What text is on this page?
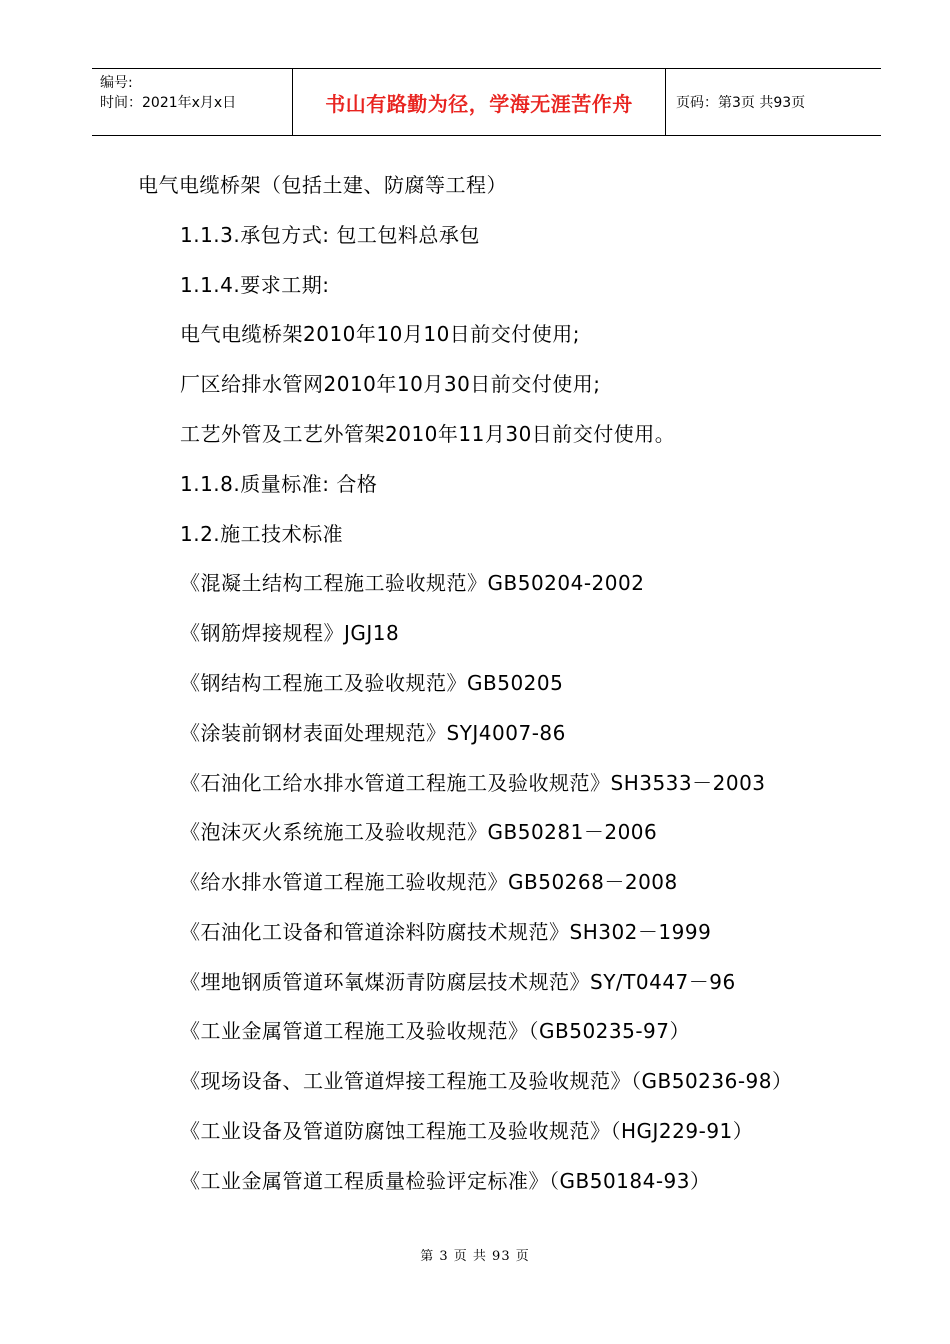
编号:
时间：2021年x月x日	书山有路勤为径，学海无涯苦作舟	页码：第3页 共93页
电气电缆桥架（包括土建、防腐等工程）
1.1.3.承包方式: 包工包料总承包
1.1.4.要求工期:
电气电缆桥架2010年10月10日前交付使用;
厂区给排水管网2010年10月30日前交付使用;
工艺外管及工艺外管架2010年11月30日前交付使用。
1.1.8.质量标准: 合格
1.2.施工技术标准
《混凝土结构工程施工验收规范》GB50204-2002
《钢筋焊接规程》JGJ18
《钢结构工程施工及验收规范》GB50205
《涂装前钢材表面处理规范》SYJ4007-86
《石油化工给水排水管道工程施工及验收规范》SH3533－2003
《泡沫灭火系统施工及验收规范》GB50281－2006
《给水排水管道工程施工验收规范》GB50268－2008
《石油化工设备和管道涂料防腐技术规范》SH302－1999
《埋地钢质管道环氧煤沥青防腐层技术规范》SY/T0447－96
《工业金属管道工程施工及验收规范》（GB50235-97）
《现场设备、工业管道焊接工程施工及验收规范》（GB50236-98）
《工业设备及管道防腐蚀工程施工及验收规范》（HGJ229-91）
《工业金属管道工程质量检验评定标准》（GB50184-93）
第 3 页 共 93 页
